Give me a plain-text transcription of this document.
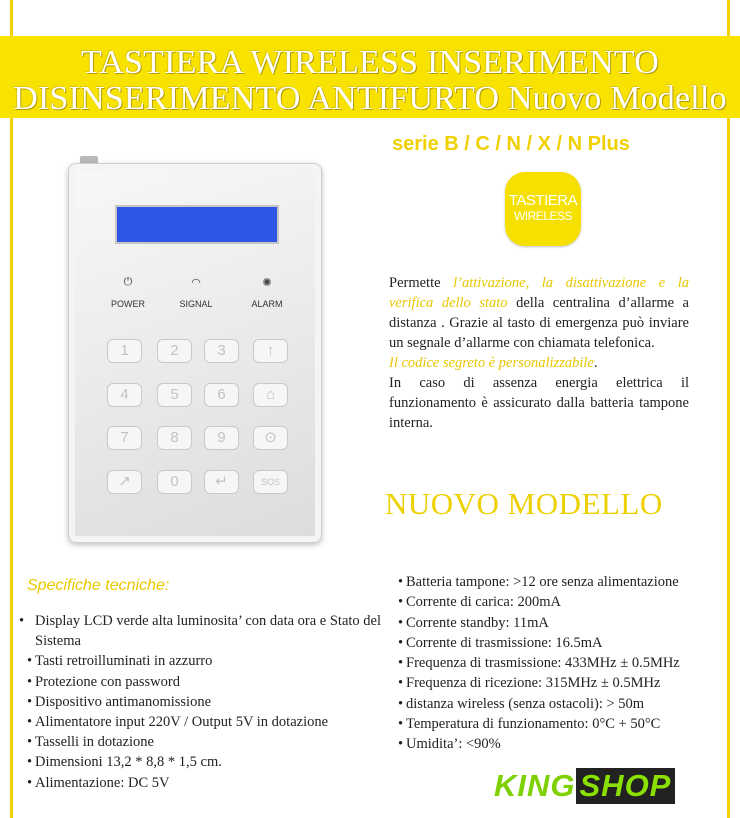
TASTIERA WIRELESS INSERIMENTO
DISINSERIMENTO ANTIFURTO Nuovo Modello
⏻
POWER
◠
SIGNAL
✺
ALARM
1	2	3	↑
4	5	6	⌂
7	8	9	⊙
↗	0	↵	SOS
serie B / C / N / X / N Plus
TASTIERA
WIRELESS
Permette l’attivazione, la disattivazione e la verifica dello stato della centralina d’allarme a distanza . Grazie al tasto di emergenza può inviare un segnale d’allarme con chiamata telefonica.
Il codice segreto è personalizzabile.
In caso di assenza energia elettrica il funzionamento è assicurato dalla batteria tampone interna.
NUOVO MODELLO
Specifiche tecniche:
• Display LCD verde alta luminosita’ con data ora e Stato del Sistema
• Tasti retroilluminati in azzurro
• Protezione con password
• Dispositivo antimanomissione
• Alimentatore input 220V / Output 5V in dotazione
• Tasselli in dotazione
• Dimensioni 13,2 * 8,8 * 1,5 cm.
• Alimentazione: DC 5V
• Batteria tampone: >12 ore senza alimentazione
• Corrente di carica: 200mA
• Corrente standby: 11mA
• Corrente di trasmissione: 16.5mA
• Frequenza di trasmissione: 433MHz ± 0.5MHz
• Frequenza di ricezione: 315MHz ± 0.5MHz
• distanza wireless (senza ostacoli): > 50m
• Temperatura di funzionamento: 0°C + 50°C
• Umidita’: <90%
KING SHOP
